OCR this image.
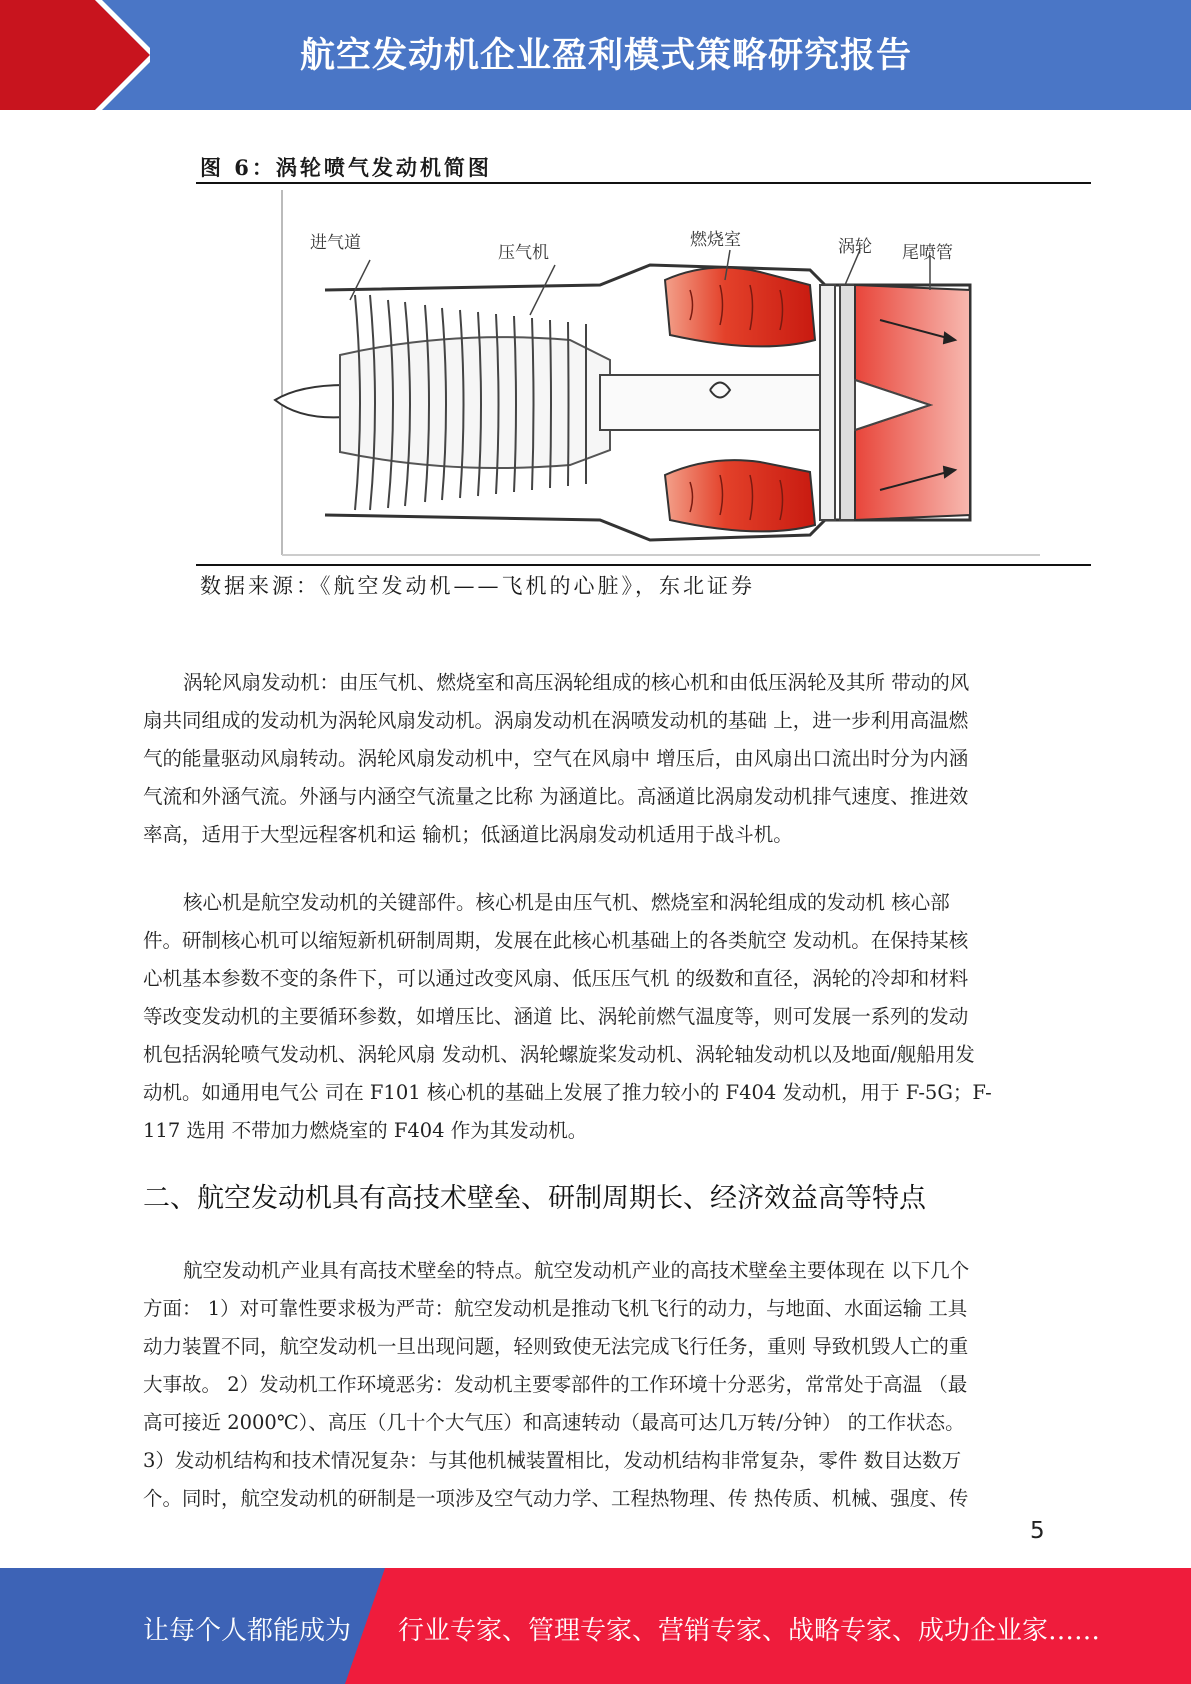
航空发动机企业盈利模式策略研究报告
图 6：涡轮喷气发动机简图
进气道	压气机
燃烧室	涡轮 尾喷管
数据来源：《航空发动机——飞机的心脏》，东北证券
涡轮风扇发动机：由压气机、燃烧室和高压涡轮组成的核心机和由低压涡轮及其所 带动的风
扇共同组成的发动机为涡轮风扇发动机。涡扇发动机在涡喷发动机的基础 上，进一步利用高温燃
气的能量驱动风扇转动。涡轮风扇发动机中，空气在风扇中 增压后，由风扇出口流出时分为内涵
气流和外涵气流。外涵与内涵空气流量之比称 为涵道比。高涵道比涡扇发动机排气速度、推进效
率高，适用于大型远程客机和运 输机；低涵道比涡扇发动机适用于战斗机。
核心机是航空发动机的关键部件。核心机是由压气机、燃烧室和涡轮组成的发动机 核心部
件。研制核心机可以缩短新机研制周期，发展在此核心机基础上的各类航空 发动机。在保持某核
心机基本参数不变的条件下，可以通过改变风扇、低压压气机 的级数和直径，涡轮的冷却和材料
等改变发动机的主要循环参数，如增压比、涵道 比、涡轮前燃气温度等，则可发展一系列的发动
机包括涡轮喷气发动机、涡轮风扇 发动机、涡轮螺旋桨发动机、涡轮轴发动机以及地面/舰船用发
动机。如通用电气公 司在 F101 核心机的基础上发展了推力较小的 F404 发动机，用于 F-5G；F-
117 选用 不带加力燃烧室的 F404 作为其发动机。
二、航空发动机具有高技术壁垒、研制周期长、经济效益高等特点
航空发动机产业具有高技术壁垒的特点。航空发动机产业的高技术壁垒主要体现在 以下几个
方面： 1）对可靠性要求极为严苛：航空发动机是推动飞机飞行的动力，与地面、水面运输 工具
动力装置不同，航空发动机一旦出现问题，轻则致使无法完成飞行任务，重则 导致机毁人亡的重
大事故。 2）发动机工作环境恶劣：发动机主要零部件的工作环境十分恶劣，常常处于高温 （最
高可接近 2000℃）、高压（几十个大气压）和高速转动（最高可达几万转/分钟） 的工作状态。
3）发动机结构和技术情况复杂：与其他机械装置相比，发动机结构非常复杂，零件 数目达数万
个。同时，航空发动机的研制是一项涉及空气动力学、工程热物理、传 热传质、机械、强度、传
5
让每个人都能成为 行业专家、管理专家、营销专家、战略专家、成功企业家……
